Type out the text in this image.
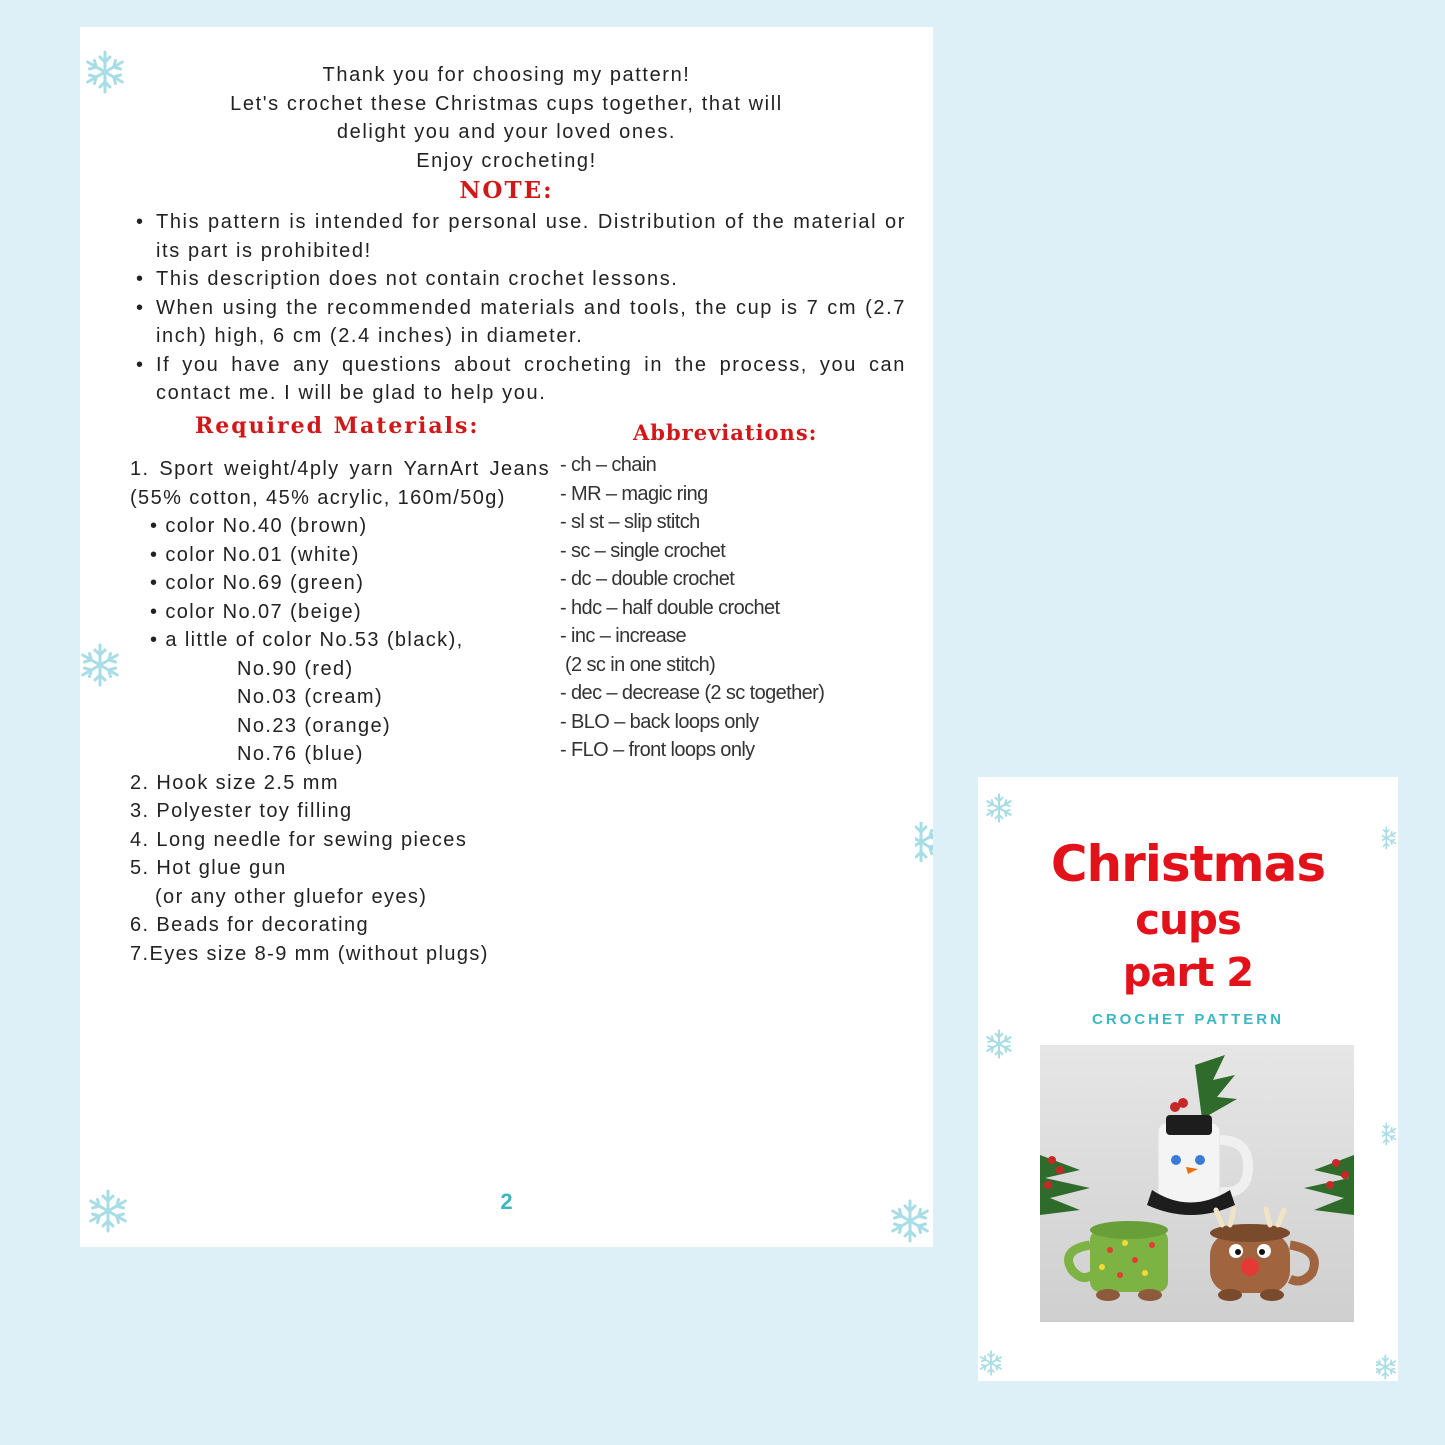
Thank you for choosing my pattern!
Let's crochet these Christmas cups together, that will
delight you and your loved ones.
Enjoy crocheting!
NOTE:
• This pattern is intended for personal use. Distribution of the material or its part is prohibited!
• This description does not contain crochet lessons.
• When using the recommended materials and tools, the cup is 7 cm (2.7 inch) high, 6 cm (2.4 inches) in diameter.
• If you have any questions about crocheting in the process, you can contact me. I will be glad to help you.
Required Materials:	Abbreviations:
1. Sport weight/4ply yarn YarnArt Jeans (55% cotton, 45% acrylic, 160m/50g)
• color No.40 (brown)
• color No.01 (white)
• color No.69 (green)
• color No.07 (beige)
• a little of color No.53 (black),
No.90 (red)
No.03 (cream)
No.23 (orange)
No.76 (blue)
2. Hook size 2.5 mm
3. Polyester toy filling
4. Long needle for sewing pieces
5. Hot glue gun
(or any other gluefor eyes)
6. Beads for decorating
7.Eyes size 8-9 mm (without plugs)
- ch – chain
- MR – magic ring
- sl st – slip stitch
- sc – single crochet
- dc – double crochet
- hdc – half double crochet
- inc – increase
(2 sc in one stitch)
- dec – decrease (2 sc together)
- BLO – back loops only
- FLO – front loops only
2
Christmas
cups
part 2
CROCHET PATTERN
